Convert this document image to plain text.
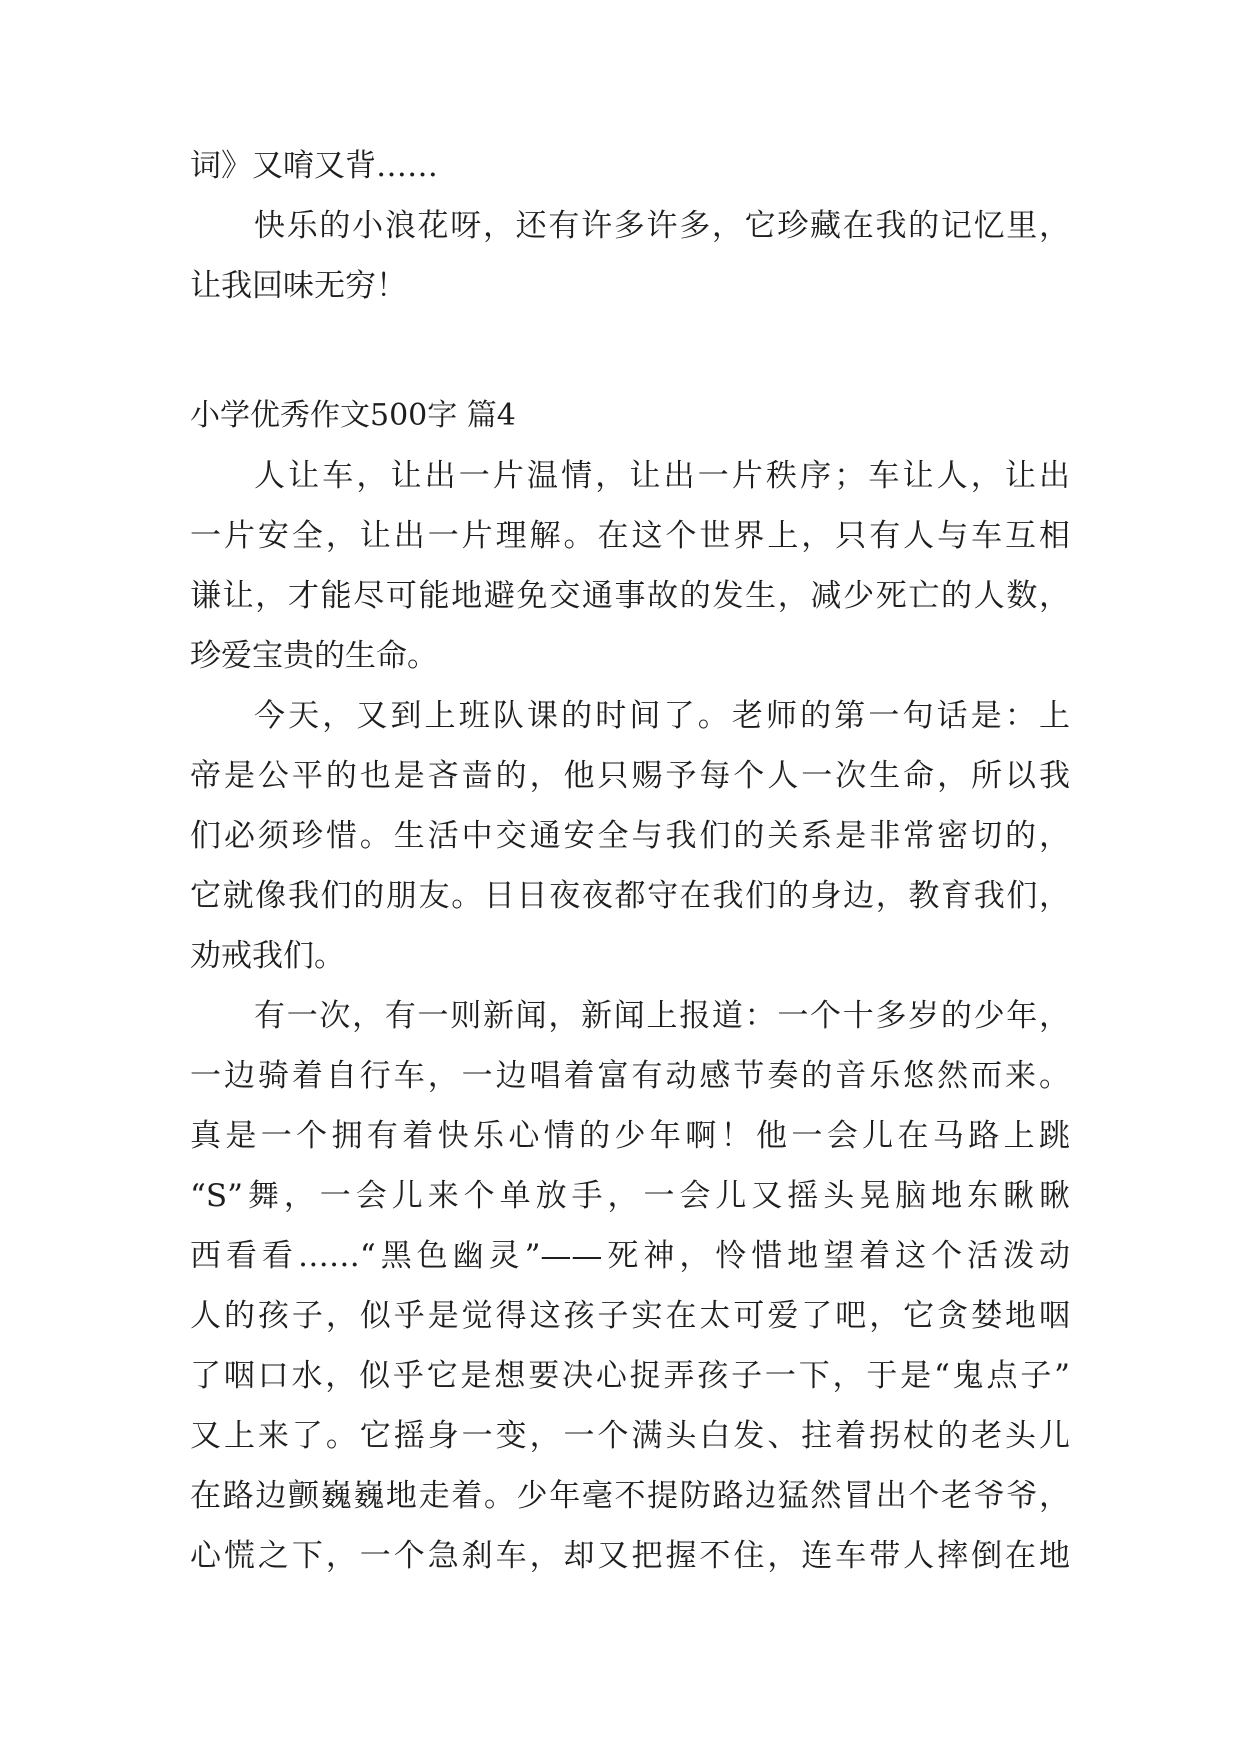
词》又唷又背……
快乐的小浪花呀，还有许多许多，它珍藏在我的记忆里，
让我回味无穷！
小学优秀作文500字 篇4
人让车，让出一片温情，让出一片秩序；车让人，让出
一片安全，让出一片理解。在这个世界上，只有人与车互相
谦让，才能尽可能地避免交通事故的发生，减少死亡的人数，
珍爱宝贵的生命。
今天，又到上班队课的时间了。老师的第一句话是：上
帝是公平的也是吝啬的，他只赐予每个人一次生命，所以我
们必须珍惜。生活中交通安全与我们的关系是非常密切的，
它就像我们的朋友。日日夜夜都守在我们的身边，教育我们，
劝戒我们。
有一次，有一则新闻，新闻上报道：一个十多岁的少年，
一边骑着自行车，一边唱着富有动感节奏的音乐悠然而来。
真是一个拥有着快乐心情的少年啊！他一会儿在马路上跳
“S”舞，一会儿来个单放手，一会儿又摇头晃脑地东瞅瞅
西看看……“黑色幽灵”——死神，怜惜地望着这个活泼动
人的孩子，似乎是觉得这孩子实在太可爱了吧，它贪婪地咽
了咽口水，似乎它是想要决心捉弄孩子一下，于是“鬼点子”
又上来了。它摇身一变，一个满头白发、拄着拐杖的老头儿
在路边颤巍巍地走着。少年毫不提防路边猛然冒出个老爷爷，
心慌之下，一个急刹车，却又把握不住，连车带人摔倒在地
